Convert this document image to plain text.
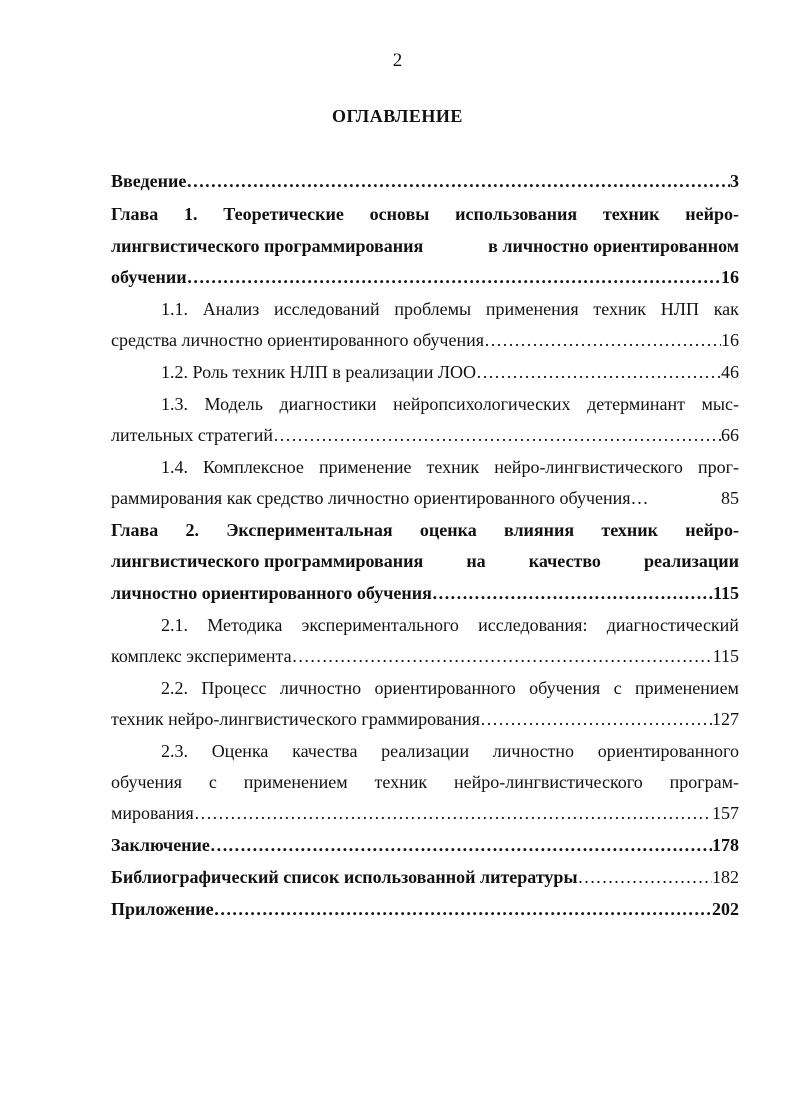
2
ОГЛАВЛЕНИЕ
Введение …………………………………………………………………………………………………………………………………………………………………………………………………	3
Глава 1. Теоретические основы использования техник нейро-
лингвистического программирования	в личностно ориентированном
обучении …………………………………………………………………………………………………………………………………………………………………………………………………	16
1.1. Анализ исследований проблемы применения техник НЛП как
средства личностно ориентированного обучения …………………………………………………………………………………………………………………………………………………………………………………………………	16
1.2. Роль техник НЛП в реализации ЛОО …………………………………………………………………………………………………………………………………………………………………………………………………	46
1.3. Модель диагностики нейропсихологических детерминант мыс-
лительных стратегий …………………………………………………………………………………………………………………………………………………………………………………………………	66
1.4. Комплексное применение техник нейро-лингвистического прог-
раммирования как средство личностно ориентированного обучения…	85
Глава 2. Экспериментальная оценка влияния техник нейро-
лингвистического программирования на качество реализации
личностно ориентированного обучения …………………………………………………………………………………………………………………………………………………………………………………………………	115
2.1. Методика экспериментального исследования: диагностический
комплекс эксперимента …………………………………………………………………………………………………………………………………………………………………………………………………	115
2.2. Процесс личностно ориентированного обучения с применением
техник нейро-лингвистического граммирования …………………………………………………………………………………………………………………………………………………………………………………………………	127
2.3. Оценка качества реализации личностно ориентированного
обучения с применением техник нейро-лингвистического програм-
мирования …………………………………………………………………………………………………………………………………………………………………………………………………	157
Заключение …………………………………………………………………………………………………………………………………………………………………………………………………	178
Библиографический список использованной литературы …………………………………………………………………………………………………………………………………………………………………………………………………	182
Приложение …………………………………………………………………………………………………………………………………………………………………………………………………	202
